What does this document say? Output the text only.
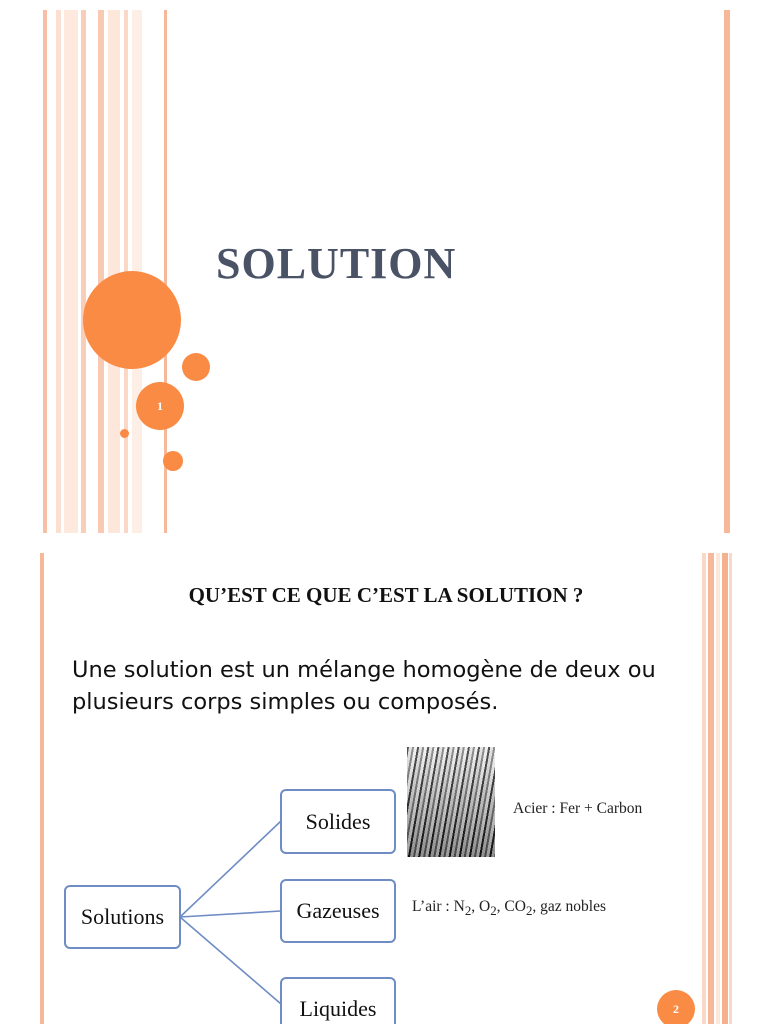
1
SOLUTION
QU’EST CE QUE C’EST LA SOLUTION ?
Une solution est un mélange homogène de deux ou plusieurs corps simples ou composés.
Solutions
Solides
Gazeuses
Liquides
Acier : Fer + Carbon
L’air : $N_2$, $O_2$, $CO_2$, gaz nobles
2
